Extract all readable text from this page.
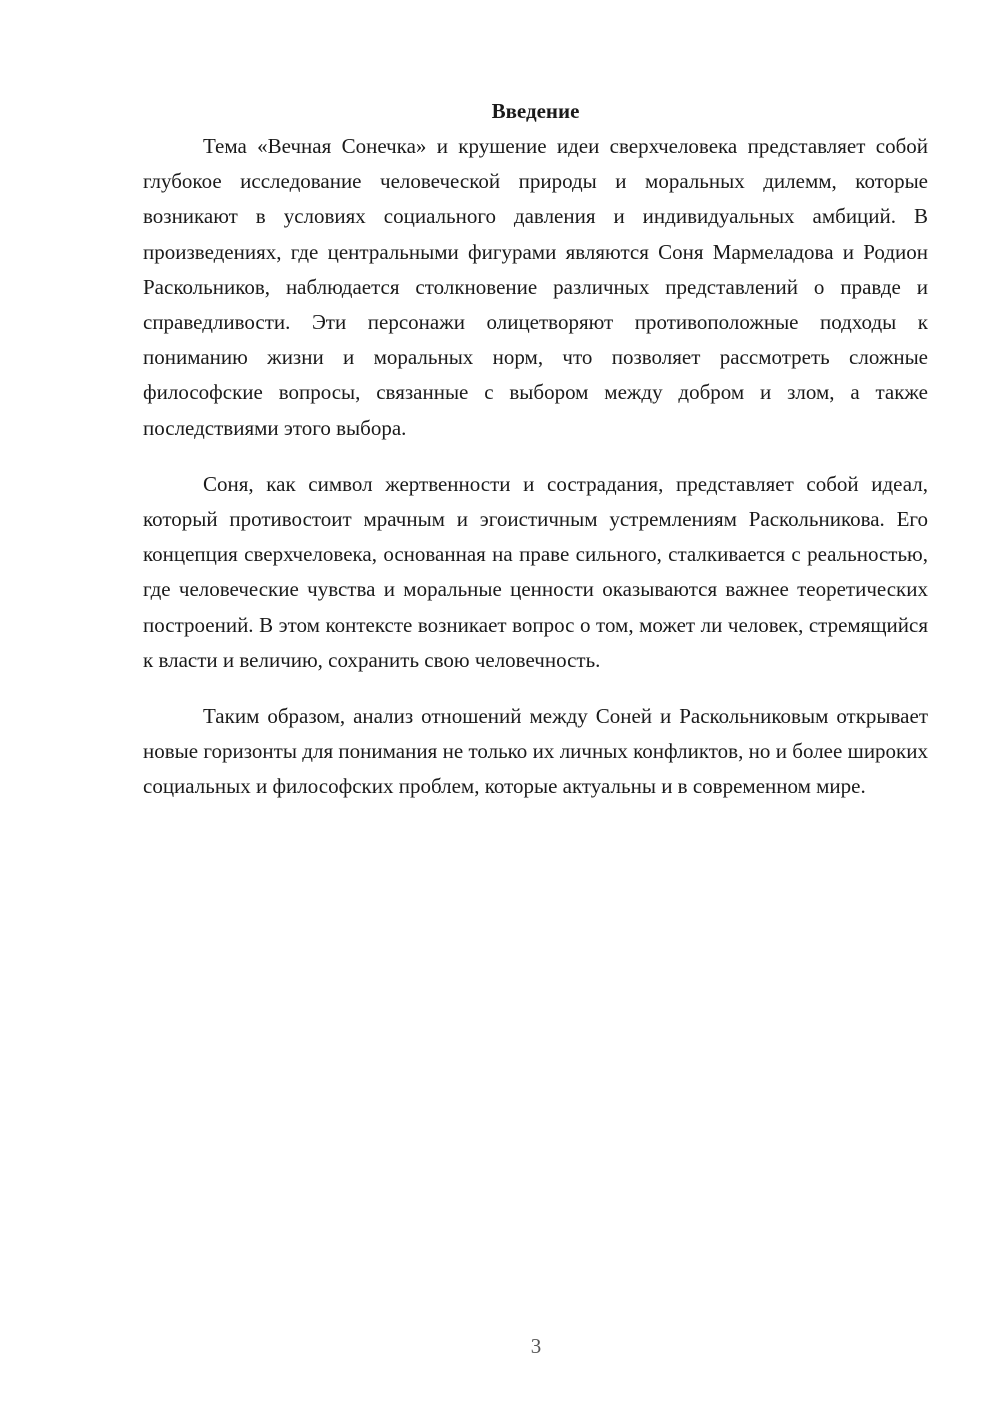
Введение

Тема «Вечная Сонечка» и крушение идеи сверхчеловека представляет собой глубокое исследование человеческой природы и моральных дилемм, которые возникают в условиях социального давления и индивидуальных амбиций. В произведениях, где центральными фигурами являются Соня Мармеладова и Родион Раскольников, наблюдается столкновение различных представлений о правде и справедливости. Эти персонажи олицетворяют противоположные подходы к пониманию жизни и моральных норм, что позволяет рассмотреть сложные философские вопросы, связанные с выбором между добром и злом, а также последствиями этого выбора.

Соня, как символ жертвенности и сострадания, представляет собой идеал, который противостоит мрачным и эгоистичным устремлениям Раскольникова. Его концепция сверхчеловека, основанная на праве сильного, сталкивается с реальностью, где человеческие чувства и моральные ценности оказываются важнее теоретических построений. В этом контексте возникает вопрос о том, может ли человек, стремящийся к власти и величию, сохранить свою человечность.

Таким образом, анализ отношений между Соней и Раскольниковым открывает новые горизонты для понимания не только их личных конфликтов, но и более широких социальных и философских проблем, которые актуальны и в современном мире.

3
